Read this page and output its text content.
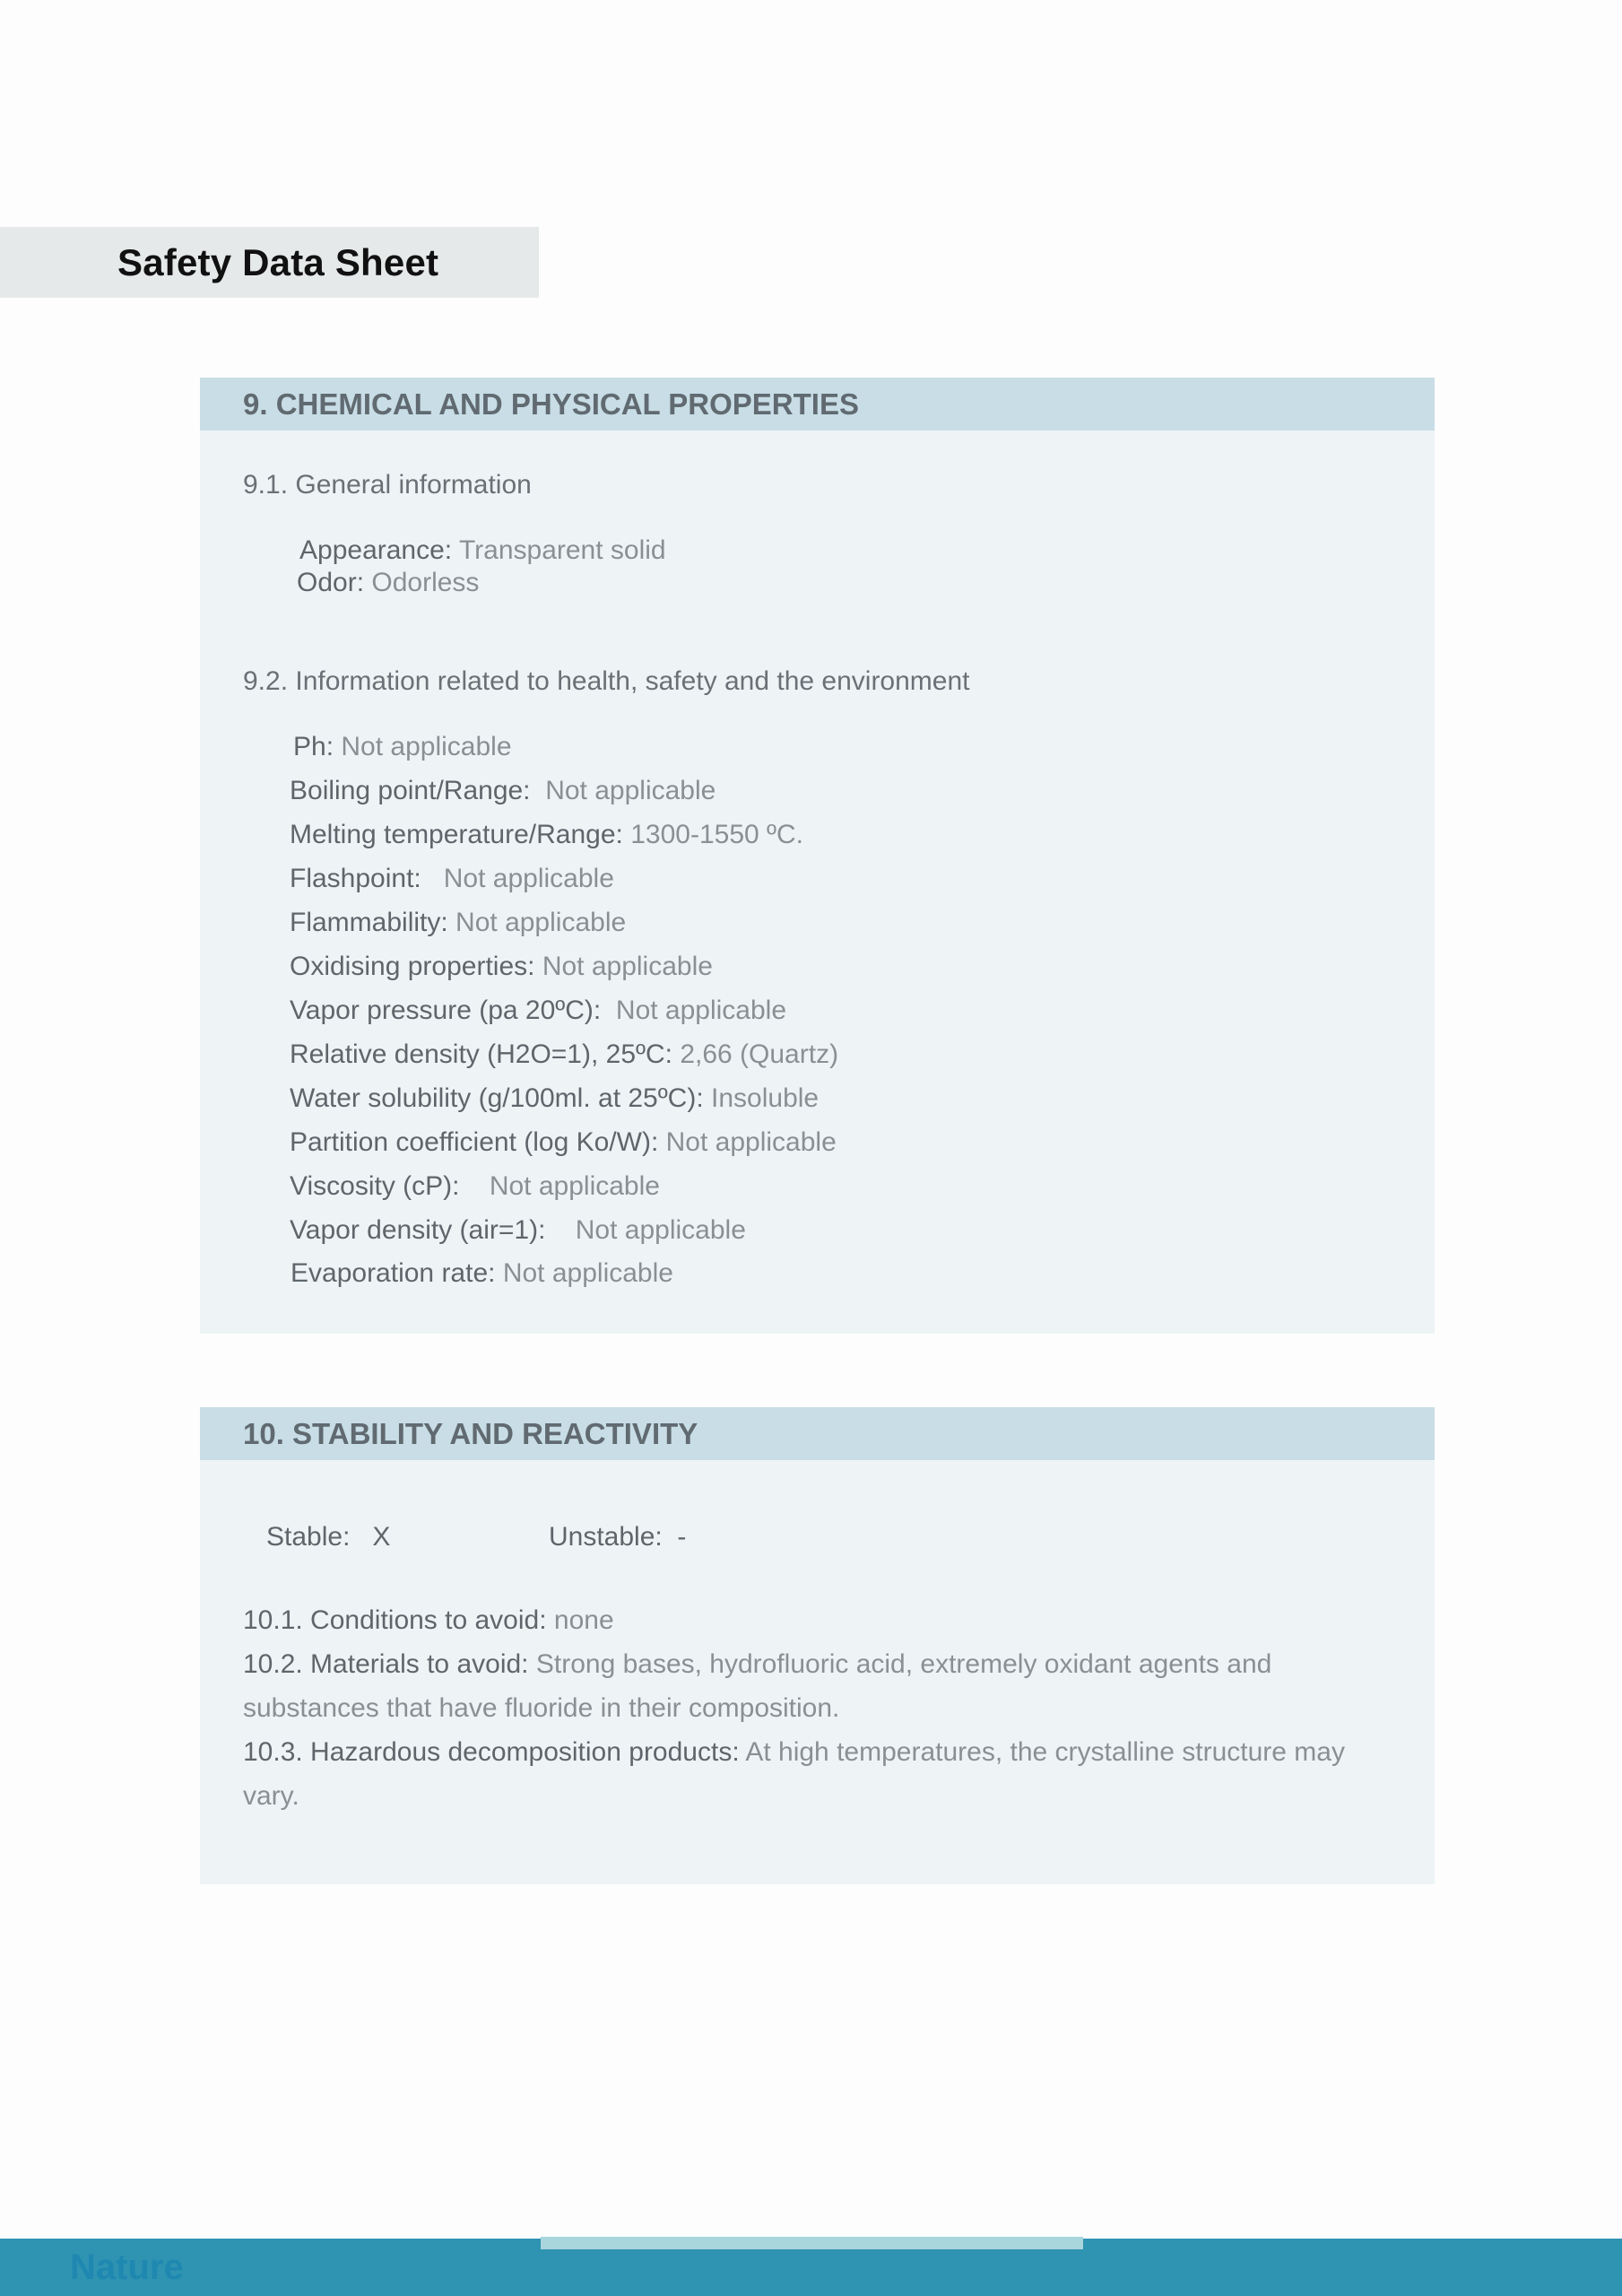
Safety Data Sheet
9. CHEMICAL AND PHYSICAL PROPERTIES
9.1. General information
Appearance: Transparent solid
Odor: Odorless
9.2. Information related to health, safety and the environment
Ph: Not applicable
Boiling point/Range: Not applicable
Melting temperature/Range: 1300-1550 ºC.
Flashpoint: Not applicable
Flammability: Not applicable
Oxidising properties: Not applicable
Vapor pressure (pa 20ºC): Not applicable
Relative density (H2O=1), 25ºC: 2,66 (Quartz)
Water solubility (g/100ml. at 25ºC): Insoluble
Partition coefficient (log Ko/W): Not applicable
Viscosity (cP): Not applicable
Vapor density (air=1): Not applicable
Evaporation rate: Not applicable
10. STABILITY AND REACTIVITY
Stable: X	Unstable: -
10.1. Conditions to avoid: none
10.2. Materials to avoid: Strong bases, hydrofluoric acid, extremely oxidant agents and substances that have fluoride in their composition.
10.3. Hazardous decomposition products: At high temperatures, the crystalline structure may vary.
Nature
